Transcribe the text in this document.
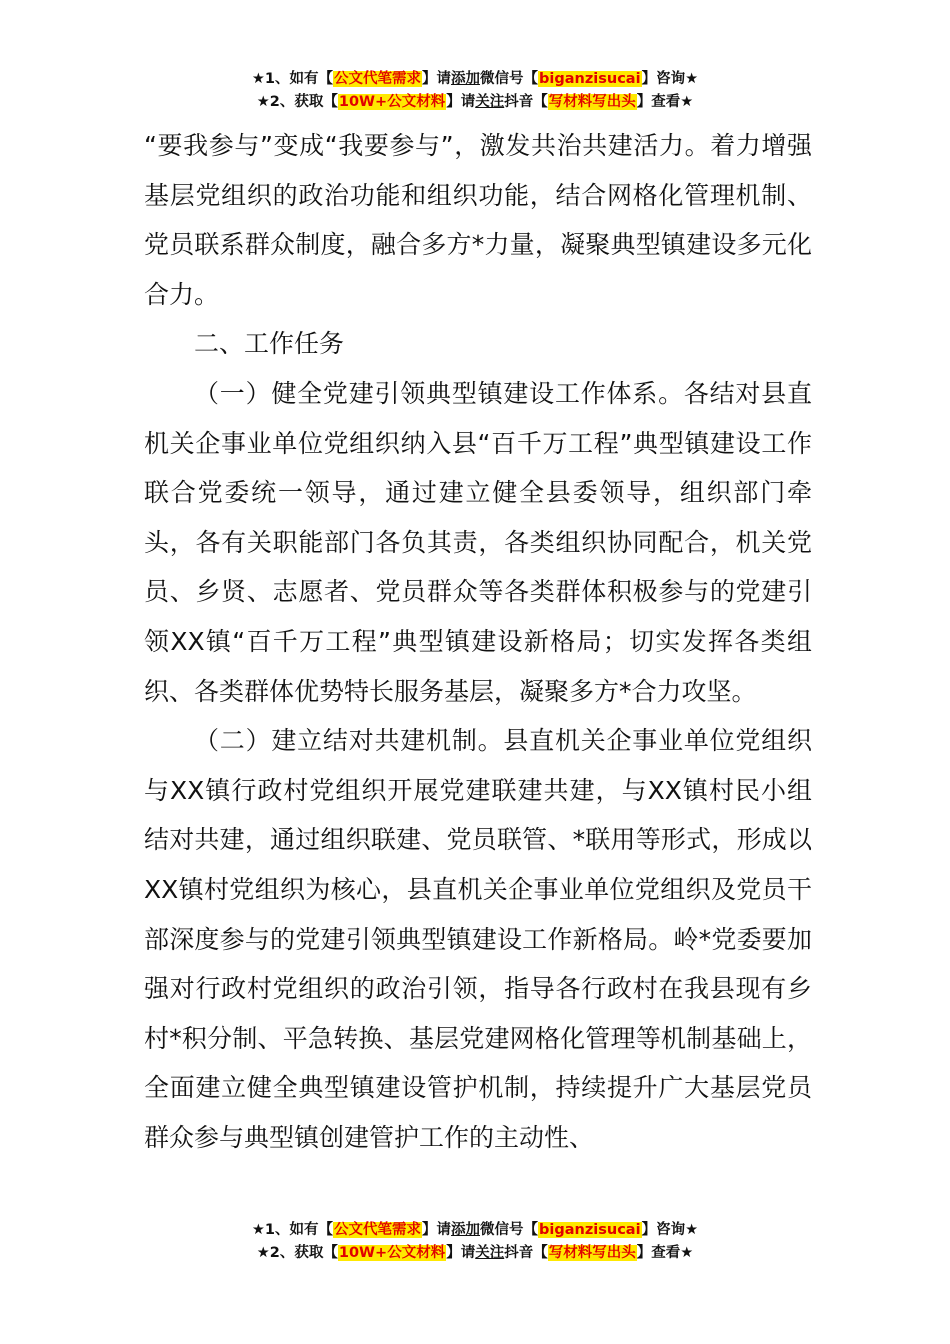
★1、如有【公文代笔需求】请添加微信号【biganzisucai】咨询★
★2、获取【10W+公文材料】请关注抖音【写材料写出头】查看★

“要我参与”变成“我要参与”，激发共治共建活力。着力增强基层党组织的政治功能和组织功能，结合网格化管理机制、党员联系群众制度，融合多方*力量，凝聚典型镇建设多元化合力。

二、工作任务

（一）健全党建引领典型镇建设工作体系。各结对县直机关企事业单位党组织纳入县“百千万工程”典型镇建设工作联合党委统一领导，通过建立健全县委领导，组织部门牵头，各有关职能部门各负其责，各类组织协同配合，机关党员、乡贤、志愿者、党员群众等各类群体积极参与的党建引领XX镇“百千万工程”典型镇建设新格局；切实发挥各类组织、各类群体优势特长服务基层，凝聚多方*合力攻坚。

（二）建立结对共建机制。县直机关企事业单位党组织与XX镇行政村党组织开展党建联建共建，与XX镇村民小组结对共建，通过组织联建、党员联管、*联用等形式，形成以XX镇村党组织为核心，县直机关企事业单位党组织及党员干部深度参与的党建引领典型镇建设工作新格局。岭*党委要加强对行政村党组织的政治引领，指导各行政村在我县现有乡村*积分制、平急转换、基层党建网格化管理等机制基础上，全面建立健全典型镇建设管护机制，持续提升广大基层党员群众参与典型镇创建管护工作的主动性、

★1、如有【公文代笔需求】请添加微信号【biganzisucai】咨询★
★2、获取【10W+公文材料】请关注抖音【写材料写出头】查看★
